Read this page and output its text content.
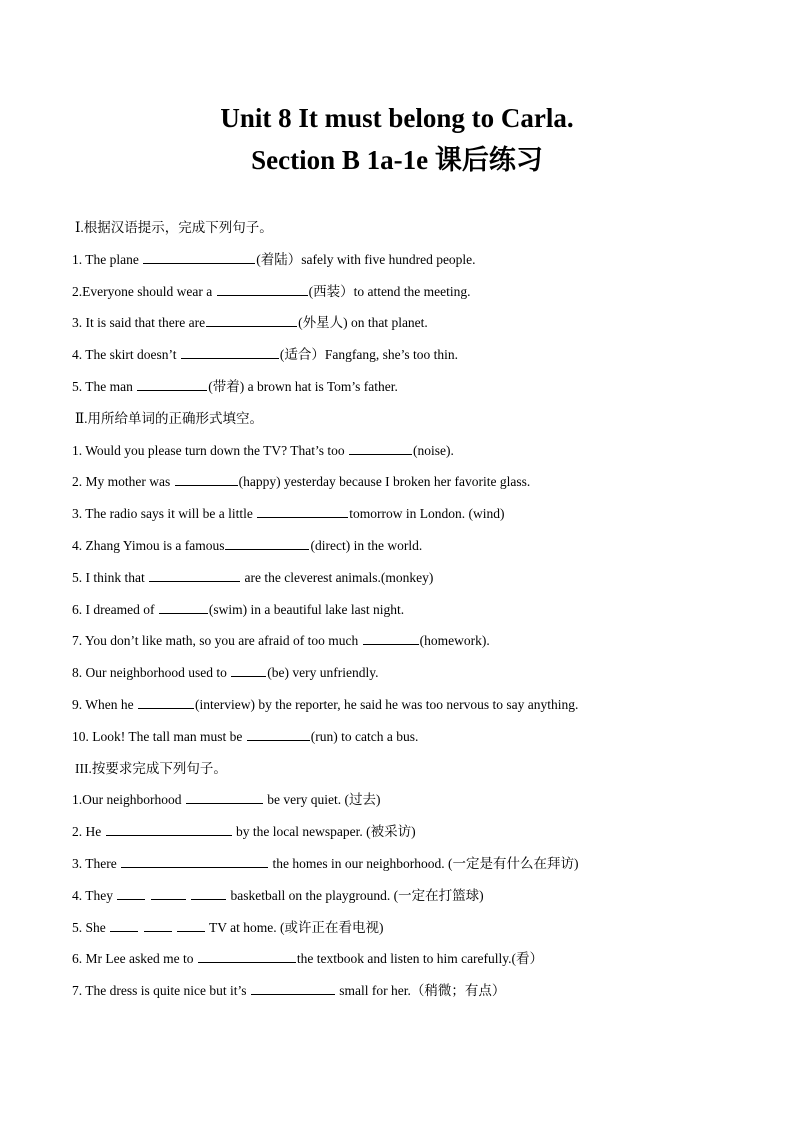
Unit 8 It must belong to Carla.
Section B 1a-1e 课后练习
Ⅰ.根据汉语提示，完成下列句子。
1. The plane	(着陆）safely with five hundred people.
2.Everyone should wear a	(西装）to attend the meeting.
3. It is said that there are	(外星人) on that planet.
4. The skirt doesn’t	(适合）Fangfang, she’s too thin.
5. The man	(带着) a brown hat is Tom’s father.
Ⅱ.用所给单词的正确形式填空。
1. Would you please turn down the TV? That’s too	(noise).
2. My mother was	(happy) yesterday because I broken her favorite glass.
3. The radio says it will be a little	tomorrow in London. (wind)
4. Zhang Yimou is a famous	(direct) in the world.
5. I think that	are the cleverest animals.(monkey)
6. I dreamed of	(swim) in a beautiful lake last night.
7. You don’t like math, so you are afraid of too much	(homework).
8. Our neighborhood used to	(be) very unfriendly.
9. When he	(interview) by the reporter, he said he was too nervous to say anything.
10. Look! The tall man must be	(run) to catch a bus.
III.按要求完成下列句子。
1.Our neighborhood	be very quiet. (过去)
2. He	by the local newspaper. (被采访)
3. There	the homes in our neighborhood. (一定是有什么在拜访)
4. They	basketball on the playground. (一定在打篮球)
5. She	TV at home. (或许正在看电视)
6. Mr Lee asked me to	the textbook and listen to him carefully.(看）
7. The dress is quite nice but it’s	small for her.（稍微；有点）
